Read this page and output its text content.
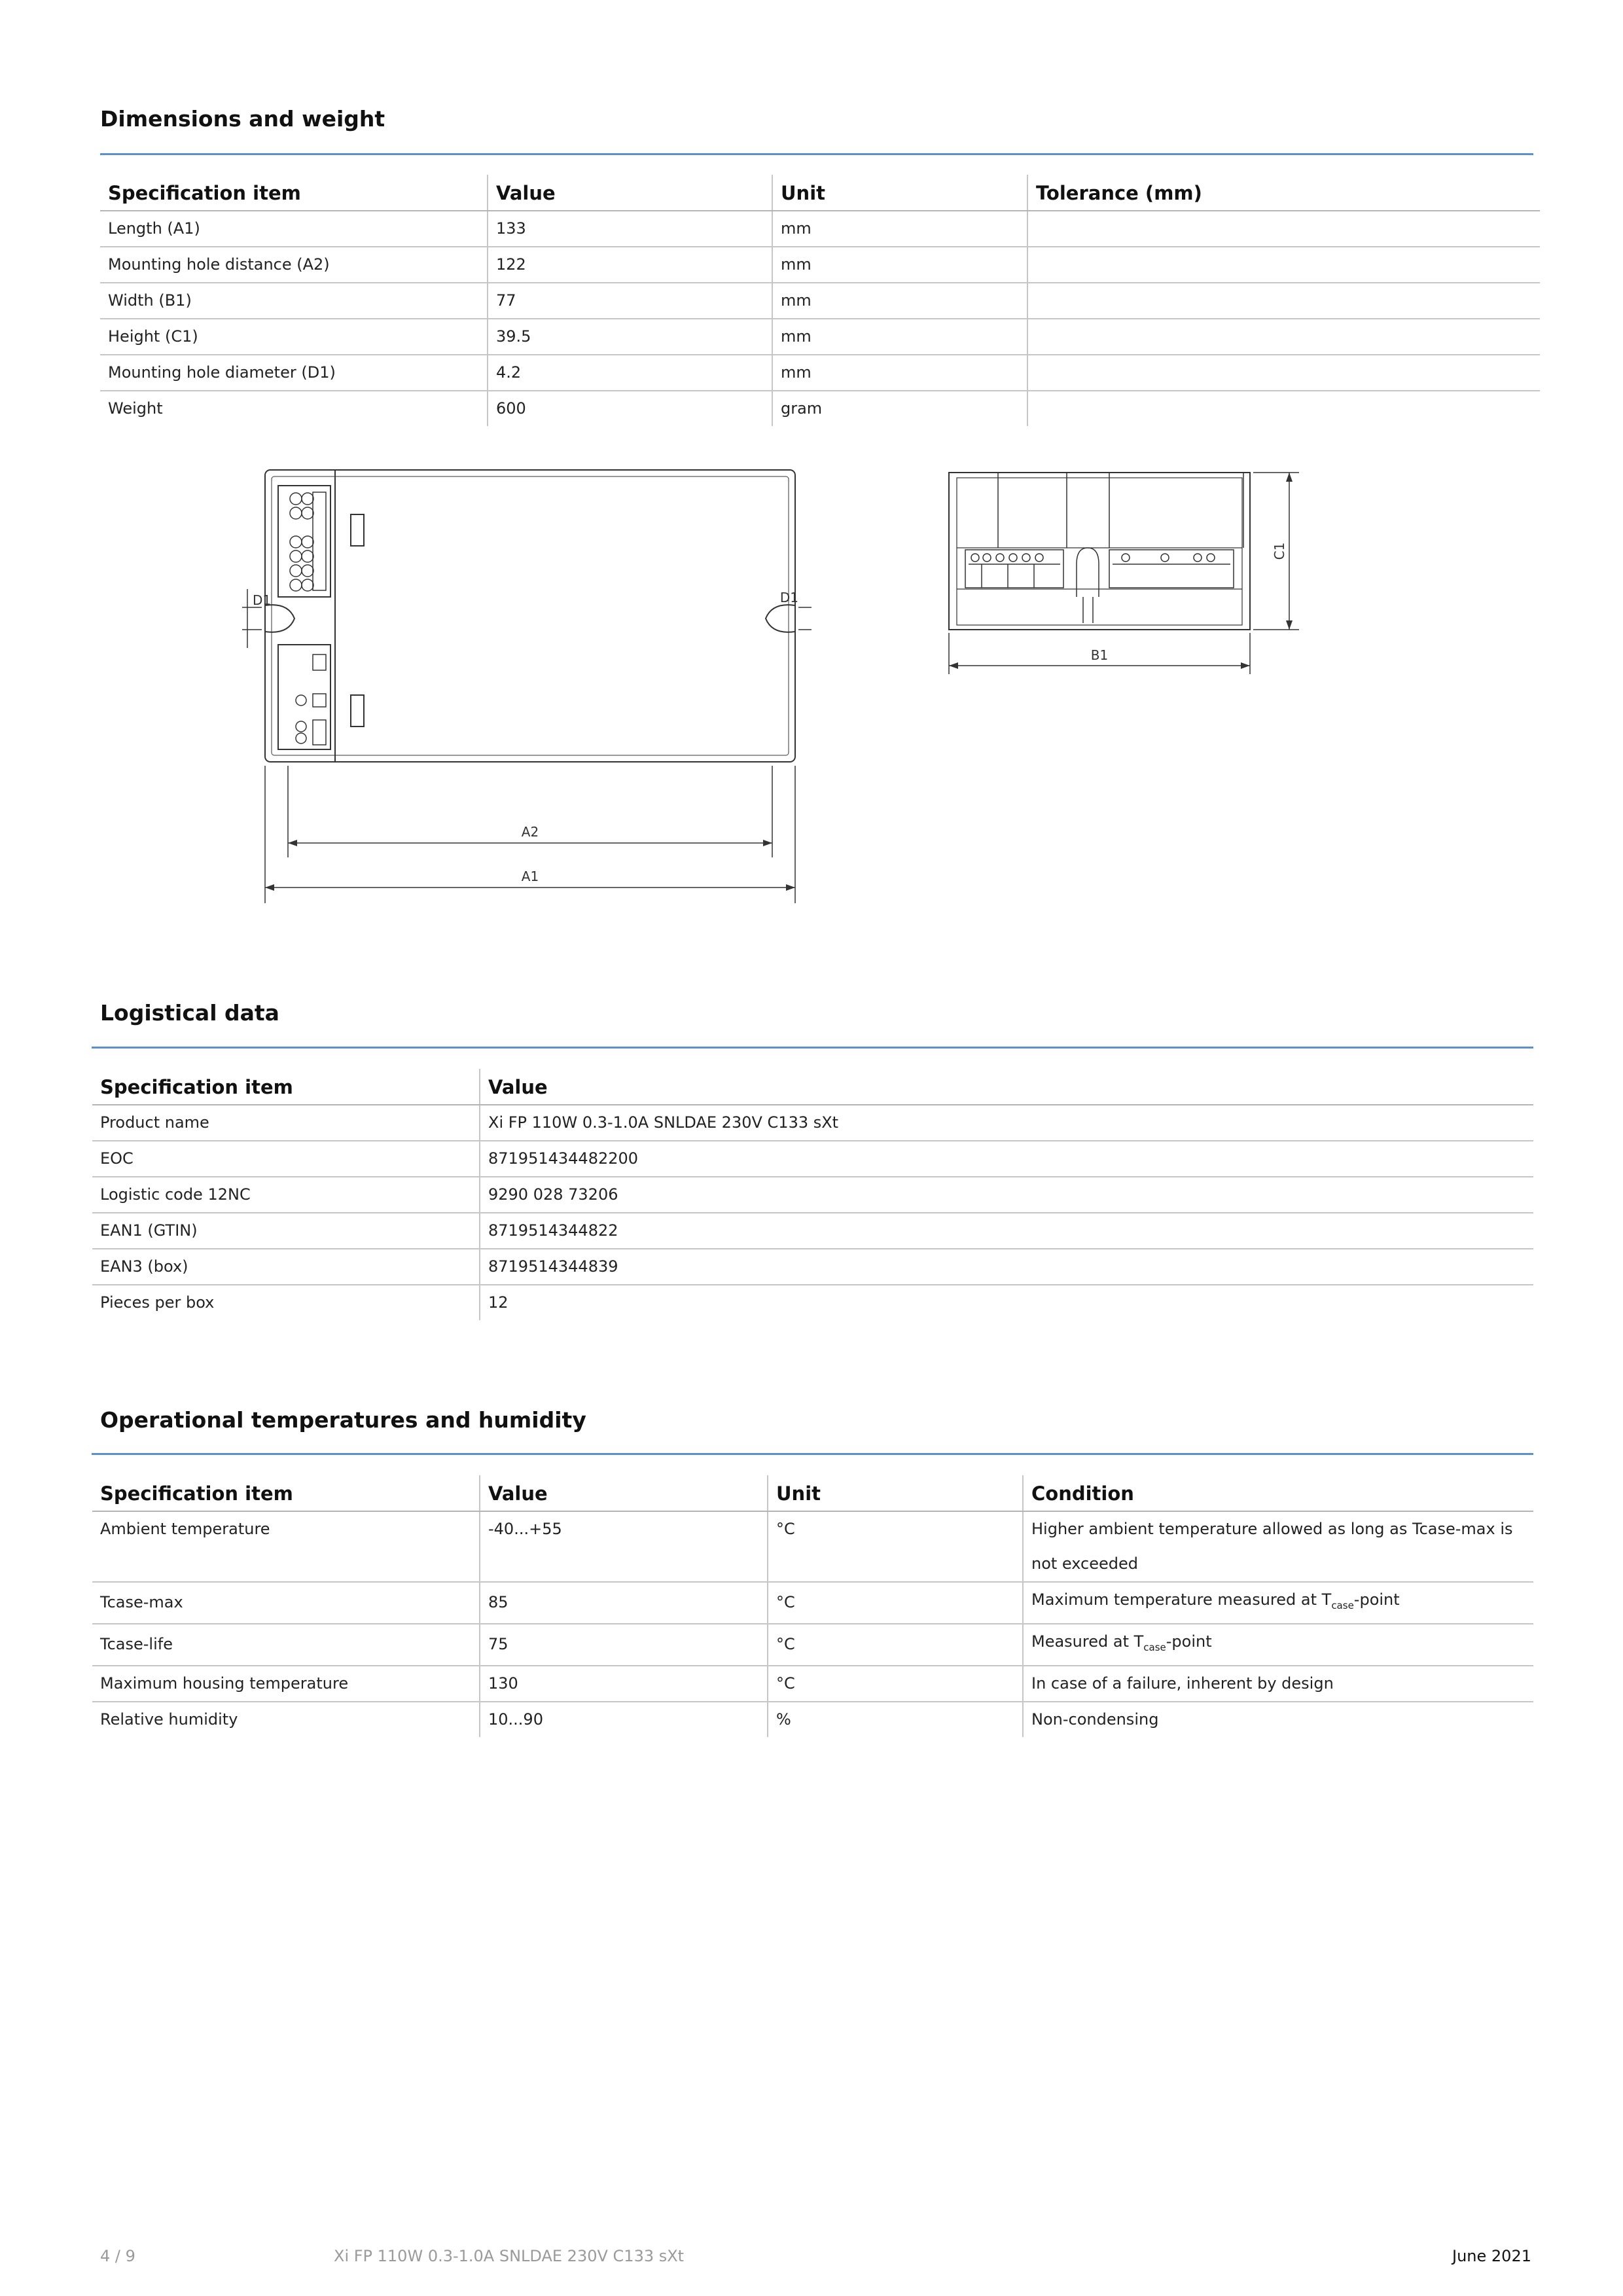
Dimensions and weight
Specification item	Value	Unit	Tolerance (mm)
Length (A1)	133	mm	
Mounting hole distance (A2)	122	mm	
Width (B1)	77	mm	
Height (C1)	39.5	mm	
Mounting hole diameter (D1)	4.2	mm	
Weight	600	gram	
A2
A1
D1	D1
B1
C1
Logistical data
Specification item	Value
Product name	Xi FP 110W 0.3-1.0A SNLDAE 230V C133 sXt
EOC	871951434482200
Logistic code 12NC	9290 028 73206
EAN1 (GTIN)	8719514344822
EAN3 (box)	8719514344839
Pieces per box	12
Operational temperatures and humidity
Specification item	Value	Unit	Condition
Ambient temperature	-40...+55	°C	Higher ambient temperature allowed as long as Tcase-max is not exceeded
Tcase-max	85	°C	Maximum temperature measured at $T_{case}$-point
Tcase-life	75	°C	Measured at $T_{case}$-point
Maximum housing temperature	130	°C	In case of a failure, inherent by design
Relative humidity	10...90	%	Non-condensing
4 / 9	Xi FP 110W 0.3-1.0A SNLDAE 230V C133 sXt	June 2021
